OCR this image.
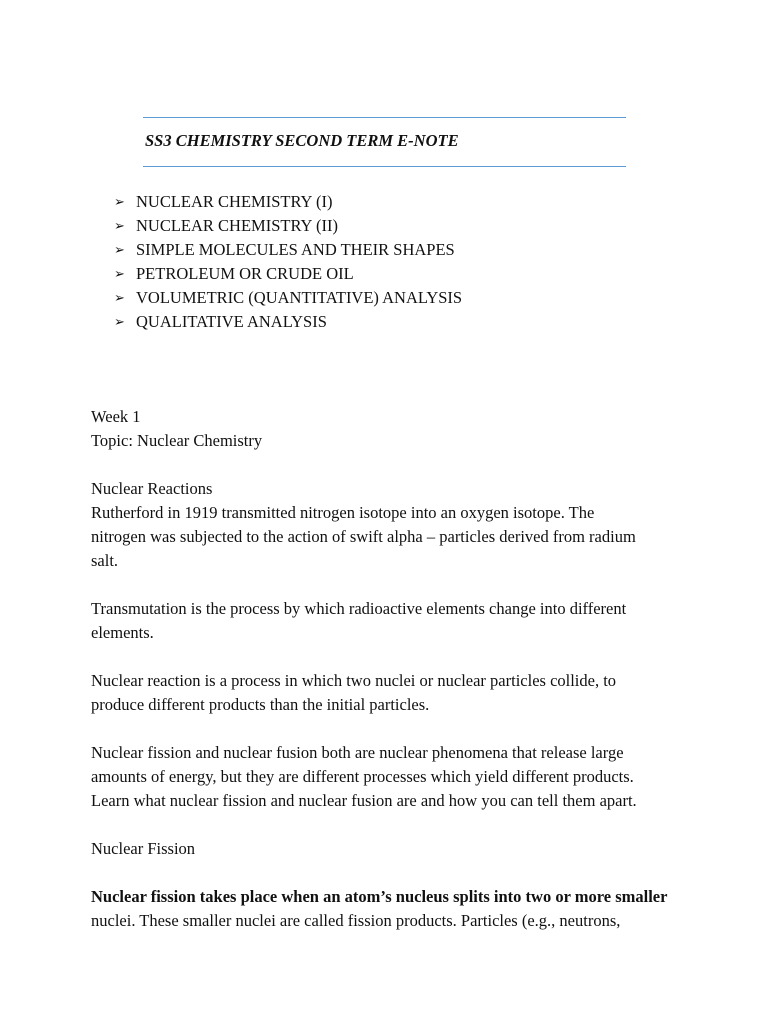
SS3 CHEMISTRY SECOND TERM E-NOTE
➢ NUCLEAR CHEMISTRY (I)
➢ NUCLEAR CHEMISTRY (II)
➢ SIMPLE MOLECULES AND THEIR SHAPES
➢ PETROLEUM OR CRUDE OIL
➢ VOLUMETRIC (QUANTITATIVE) ANALYSIS
➢ QUALITATIVE ANALYSIS

Week 1

Topic: Nuclear Chemistry

Nuclear Reactions

Rutherford in 1919 transmitted nitrogen isotope into an oxygen isotope. The

nitrogen was subjected to the action of swift alpha – particles derived from radium

salt.

Transmutation is the process by which radioactive elements change into different

elements.

Nuclear reaction is a process in which two nuclei or nuclear particles collide, to

produce different products than the initial particles.

Nuclear fission and nuclear fusion both are nuclear phenomena that release large

amounts of energy, but they are different processes which yield different products.

Learn what nuclear fission and nuclear fusion are and how you can tell them apart.

Nuclear Fission

Nuclear fission takes place when an atom’s nucleus splits into two or more smaller

nuclei. These smaller nuclei are called fission products. Particles (e.g., neutrons,
